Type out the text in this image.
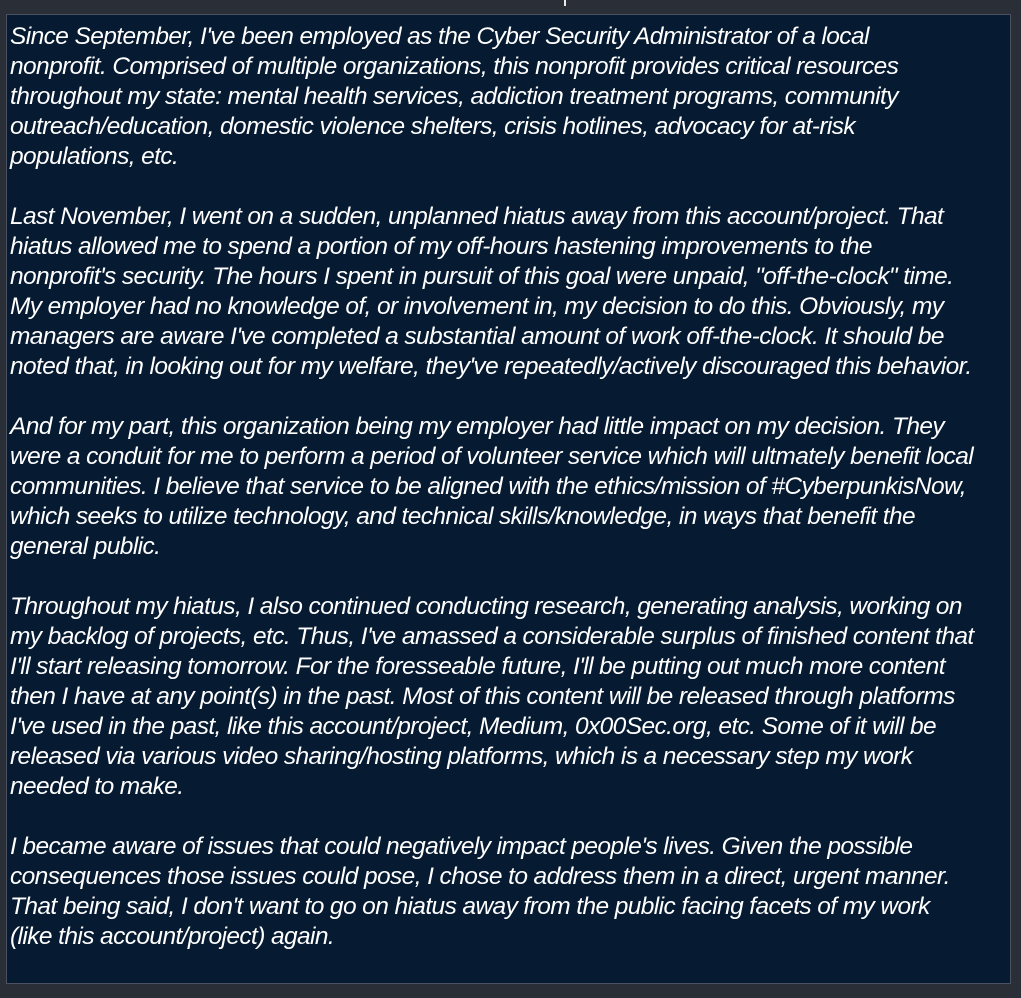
Since September, I've been employed as the Cyber Security Administrator of a local
nonprofit. Comprised of multiple organizations, this nonprofit provides critical resources
throughout my state: mental health services, addiction treatment programs, community
outreach/education, domestic violence shelters, crisis hotlines, advocacy for at-risk
populations, etc.

Last November, I went on a sudden, unplanned hiatus away from this account/project. That
hiatus allowed me to spend a portion of my off-hours hastening improvements to the
nonprofit's security. The hours I spent in pursuit of this goal were unpaid, "off-the-clock" time.
My employer had no knowledge of, or involvement in, my decision to do this. Obviously, my
managers are aware I've completed a substantial amount of work off-the-clock. It should be
noted that, in looking out for my welfare, they've repeatedly/actively discouraged this behavior.

And for my part, this organization being my employer had little impact on my decision. They
were a conduit for me to perform a period of volunteer service which will ultmately benefit local
communities. I believe that service to be aligned with the ethics/mission of #CyberpunkisNow,
which seeks to utilize technology, and technical skills/knowledge, in ways that benefit the
general public.

Throughout my hiatus, I also continued conducting research, generating analysis, working on
my backlog of projects, etc. Thus, I've amassed a considerable surplus of finished content that
I'll start releasing tomorrow. For the foresseable future, I'll be putting out much more content
then I have at any point(s) in the past. Most of this content will be released through platforms
I've used in the past, like this account/project, Medium, 0x00Sec.org, etc. Some of it will be
released via various video sharing/hosting platforms, which is a necessary step my work
needed to make.

I became aware of issues that could negatively impact people's lives. Given the possible
consequences those issues could pose, I chose to address them in a direct, urgent manner.
That being said, I don't want to go on hiatus away from the public facing facets of my work
(like this account/project) again.
